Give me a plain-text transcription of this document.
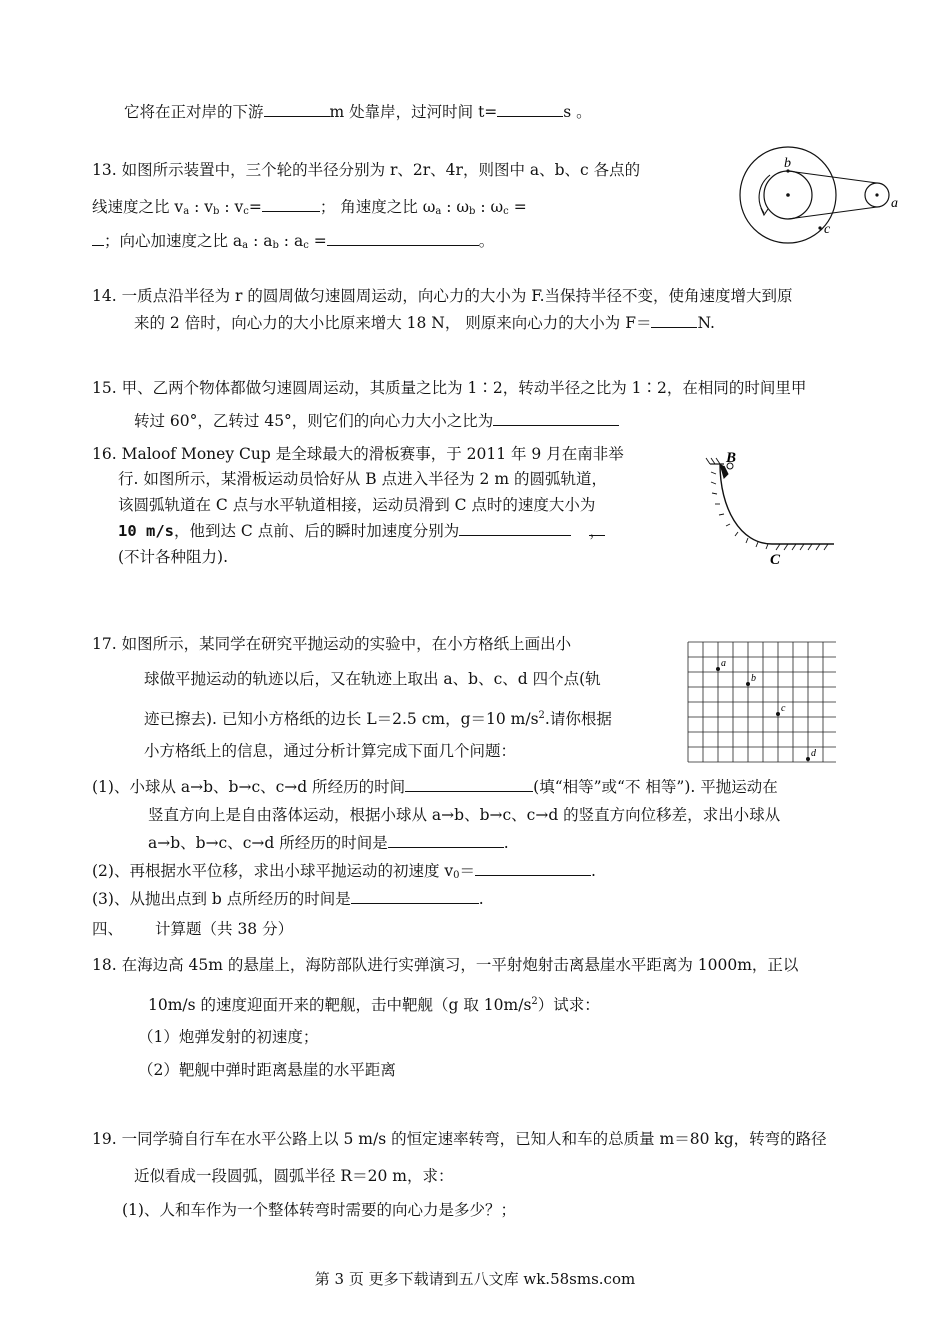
它将在正对岸的下游	m 处靠岸，过河时间 t=	s 。
13. 如图所示装置中，三个轮的半径分别为 r、2r、4r，则图中 a、b、c 各点的
线速度之比 $v_a$ : $v_b$ : $v_c=$	； 角速度之比 $\omega_a$ : $\omega_b$ : $\omega_c$ =
；向心加速度之比 $a_a$ : $a_b$ : $a_c$ =	。
b
a
c
14. 一质点沿半径为 r 的圆周做匀速圆周运动，向心力的大小为 F.当保持半径不变，使角速度增大到原
来的 2 倍时，向心力的大小比原来增大 18 N， 则原来向心力的大小为 F＝	N.
15. 甲、乙两个物体都做匀速圆周运动，其质量之比为 1∶2，转动半径之比为 1∶2，在相同的时间里甲
转过 60°，乙转过 45°，则它们的向心力大小之比为
16. Maloof Money Cup 是全球最大的滑板赛事，于 2011 年 9 月在南非举
行. 如图所示，某滑板运动员恰好从 B 点进入半径为 2 m 的圆弧轨道，
该圆弧轨道在 C 点与水平轨道相接，运动员滑到 C 点时的速度大小为
10 m/s，他到达 C 点前、后的瞬时加速度分别为	，
(不计各种阻力).
B
C
17. 如图所示，某同学在研究平抛运动的实验中，在小方格纸上画出小
球做平抛运动的轨迹以后，又在轨迹上取出 a、b、c、d 四个点(轨
迹已擦去). 已知小方格纸的边长 L＝2.5 cm，g＝10 $m/s^2$.请你根据
小方格纸上的信息，通过分析计算完成下面几个问题：
a
b
c
d
(1)、小球从 a→b、b→c、c→d 所经历的时间	(填“相等”或“不 相等”). 平抛运动在
竖直方向上是自由落体运动，根据小球从 a→b、b→c、c→d 的竖直方向位移差，求出小球从
a→b、b→c、c→d 所经历的时间是	.
(2)、再根据水平位移，求出小球平抛运动的初速度 $v_0=$	.
(3)、从抛出点到 b 点所经历的时间是	.
四、 计算题（共 38 分）
18. 在海边高 45m 的悬崖上，海防部队进行实弹演习，一平射炮射击离悬崖水平距离为 1000m，正以
10m/s 的速度迎面开来的靶舰，击中靶舰（g 取 $10m/s^2$）试求：
（1）炮弹发射的初速度；
（2）靶舰中弹时距离悬崖的水平距离
19. 一同学骑自行车在水平公路上以 5 m/s 的恒定速率转弯，已知人和车的总质量 m＝80 kg，转弯的路径
近似看成一段圆弧，圆弧半径 R＝20 m，求：
(1)、人和车作为一个整体转弯时需要的向心力是多少？；
第 3 页 更多下载请到五八文库 wk.58sms.com
